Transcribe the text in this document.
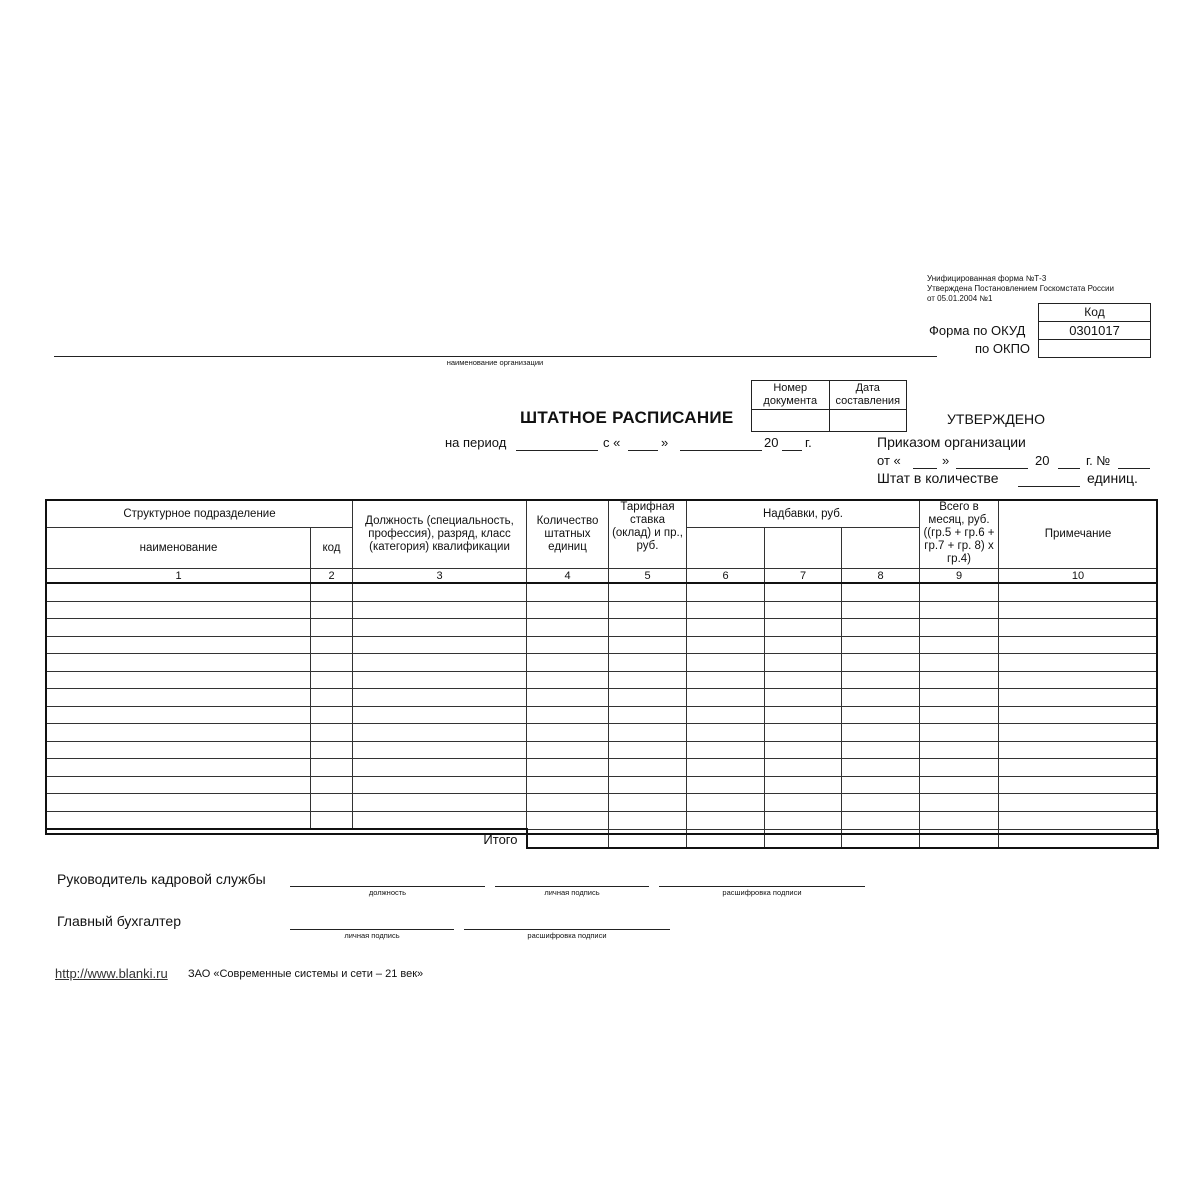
Унифицированная форма №Т-3
Утверждена Постановлением Госкомстата России
от 05.01.2004 №1
Код
0301017
Форма по ОКУД
по ОКПО
наименование организации
Номер документа
Дата составления
ШТАТНОЕ РАСПИСАНИЕ
на период	с «	»	20 г.
УТВЕРЖДЕНО
Приказом организации
от «	»	20	г. №
Штат в количестве	единиц.
Структурное подразделение		Должность (специальность, профессия), разряд, класс (категория) квалификации	Количество штатных единиц	Тарифная ставка (оклад) и пр., руб.	Надбавки, руб.			Всего в месяц, руб. ((гр.5 + гр.6 + гр.7 + гр. 8) х гр.4)	Примечание
наименование	код								
1	2	3	4	5	6	7	8	9	10

Итого									
Руководитель кадровой службы
должность	личная подпись	расшифровка подписи
Главный бухгалтер
личная подпись	расшифровка подписи
http://www.blanki.ru ЗАО «Современные системы и сети – 21 век»
